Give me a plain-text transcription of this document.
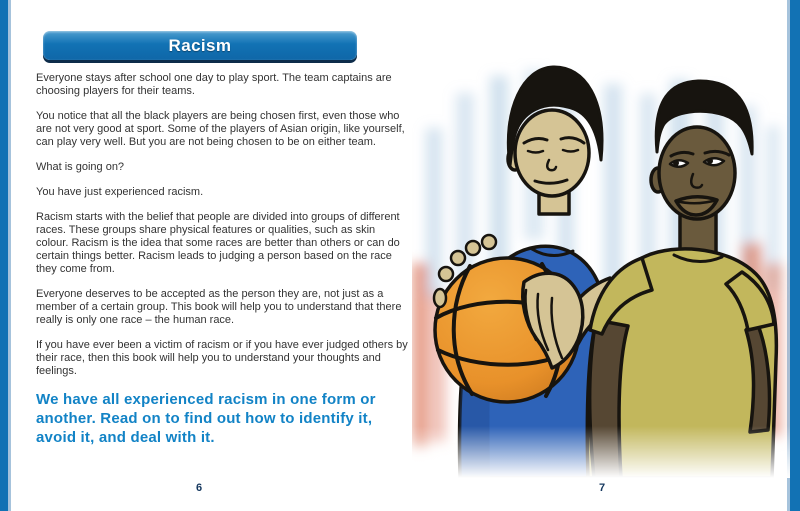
Racism

Everyone stays after school one day to play sport. The team captains are choosing players for their teams.

You notice that all the black players are being chosen first, even those who are not very good at sport. Some of the players of Asian origin, like yourself, can play very well. But you are not being chosen to be on either team.

What is going on?

You have just experienced racism.

Racism starts with the belief that people are divided into groups of different races. These groups share physical features or qualities, such as skin colour. Racism is the idea that some races are better than others or can do certain things better. Racism leads to judging a person based on the race they come from.

Everyone deserves to be accepted as the person they are, not just as a member of a certain group. This book will help you to understand that there really is only one race – the human race.

If you have ever been a victim of racism or if you have ever judged others by their race, then this book will help you to understand your thoughts and feelings.

We have all experienced racism in one form or another. Read on to find out how to identify it, avoid it, and deal with it.

6	7
